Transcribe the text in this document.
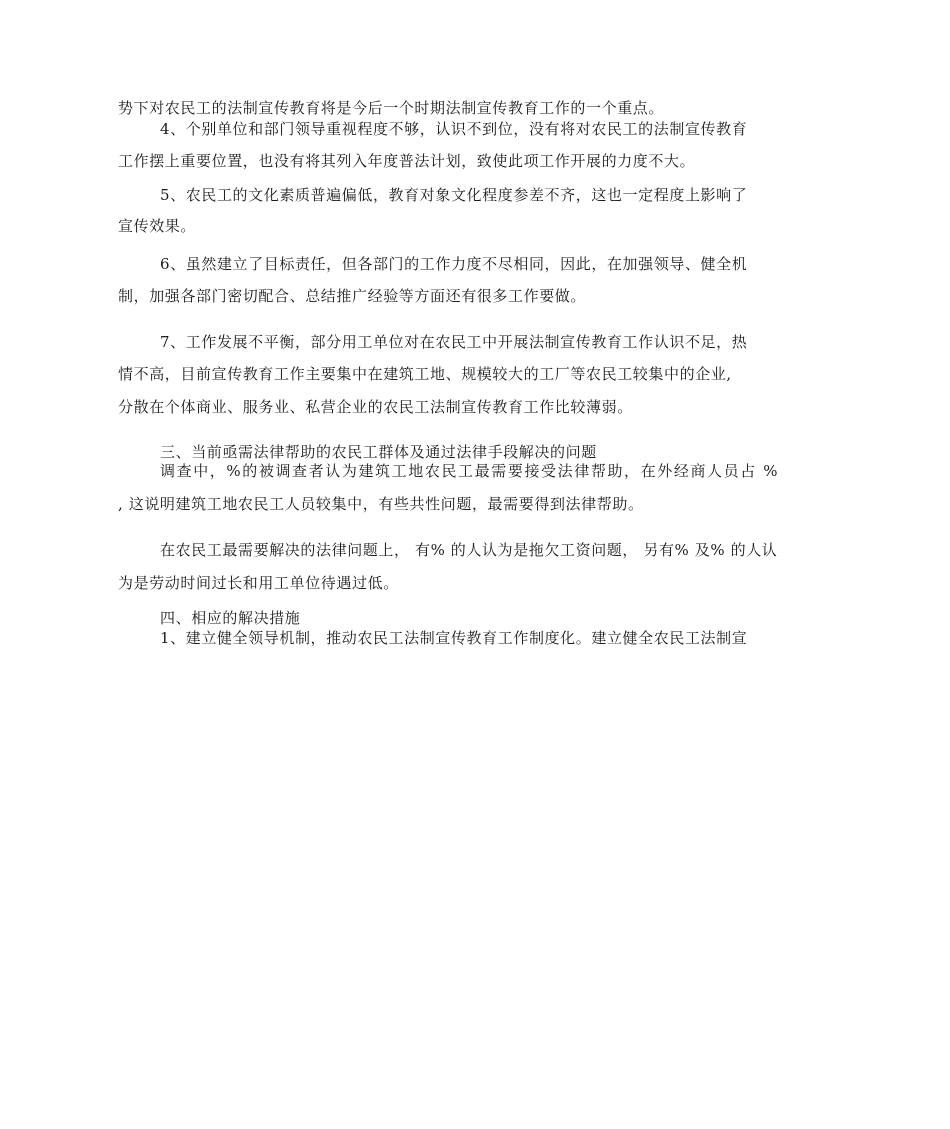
势下对农民工的法制宣传教育将是今后一个时期法制宣传教育工作的一个重点。
4、个别单位和部门领导重视程度不够，认识不到位，没有将对农民工的法制宣传教育
工作摆上重要位置，也没有将其列入年度普法计划，致使此项工作开展的力度不大。
5、农民工的文化素质普遍偏低，教育对象文化程度参差不齐，这也一定程度上影响了
宣传效果。
6、虽然建立了目标责任，但各部门的工作力度不尽相同，因此，在加强领导、健全机
制，加强各部门密切配合、总结推广经验等方面还有很多工作要做。
7、工作发展不平衡，部分用工单位对在农民工中开展法制宣传教育工作认识不足，热
情不高，目前宣传教育工作主要集中在建筑工地、规模较大的工厂等农民工较集中的企业,
分散在个体商业、服务业、私营企业的农民工法制宣传教育工作比较薄弱。
三、当前亟需法律帮助的农民工群体及通过法律手段解决的问题
调查中，%的被调查者认为建筑工地农民工最需要接受法律帮助，在外经商人员占 %
, 这说明建筑工地农民工人员较集中，有些共性问题，最需要得到法律帮助。
在农民工最需要解决的法律问题上， 有% 的人认为是拖欠工资问题， 另有% 及% 的人认
为是劳动时间过长和用工单位待遇过低。
四、相应的解决措施
1、建立健全领导机制，推动农民工法制宣传教育工作制度化。建立健全农民工法制宣
